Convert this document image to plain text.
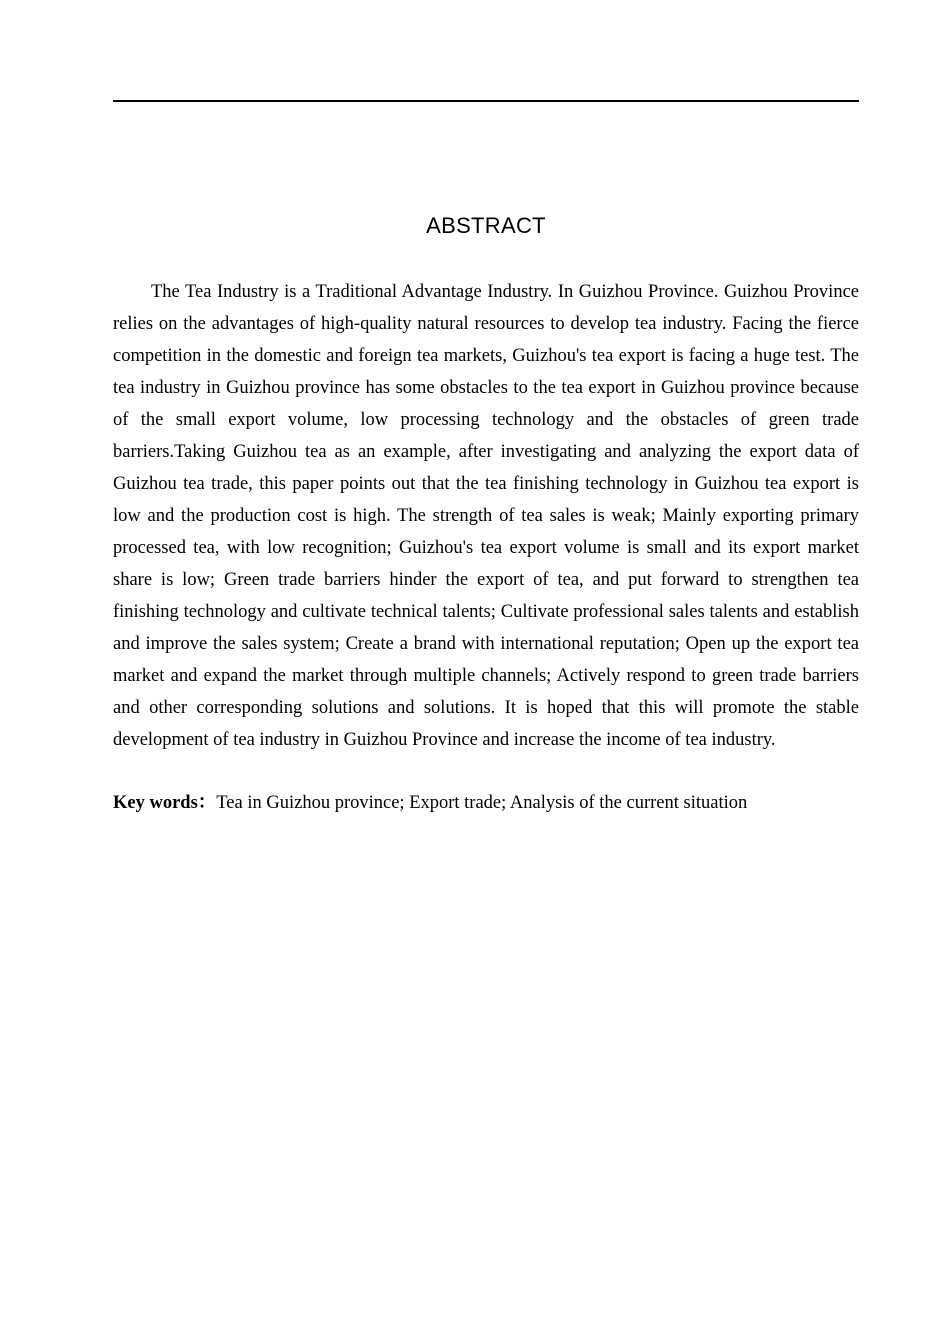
ABSTRACT

The Tea Industry is a Traditional Advantage Industry. In Guizhou Province. Guizhou Province relies on the advantages of high-quality natural resources to develop tea industry. Facing the fierce competition in the domestic and foreign tea markets, Guizhou's tea export is facing a huge test. The tea industry in Guizhou province has some obstacles to the tea export in Guizhou province because of the small export volume, low processing technology and the obstacles of green trade barriers.Taking Guizhou tea as an example, after investigating and analyzing the export data of Guizhou tea trade, this paper points out that the tea finishing technology in Guizhou tea export is low and the production cost is high. The strength of tea sales is weak; Mainly exporting primary processed tea, with low recognition; Guizhou's tea export volume is small and its export market share is low; Green trade barriers hinder the export of tea, and put forward to strengthen tea finishing technology and cultivate technical talents; Cultivate professional sales talents and establish and improve the sales system; Create a brand with international reputation; Open up the export tea market and expand the market through multiple channels; Actively respond to green trade barriers and other corresponding solutions and solutions. It is hoped that this will promote the stable development of tea industry in Guizhou Province and increase the income of tea industry.

Key words：Tea in Guizhou province; Export trade; Analysis of the current situation
